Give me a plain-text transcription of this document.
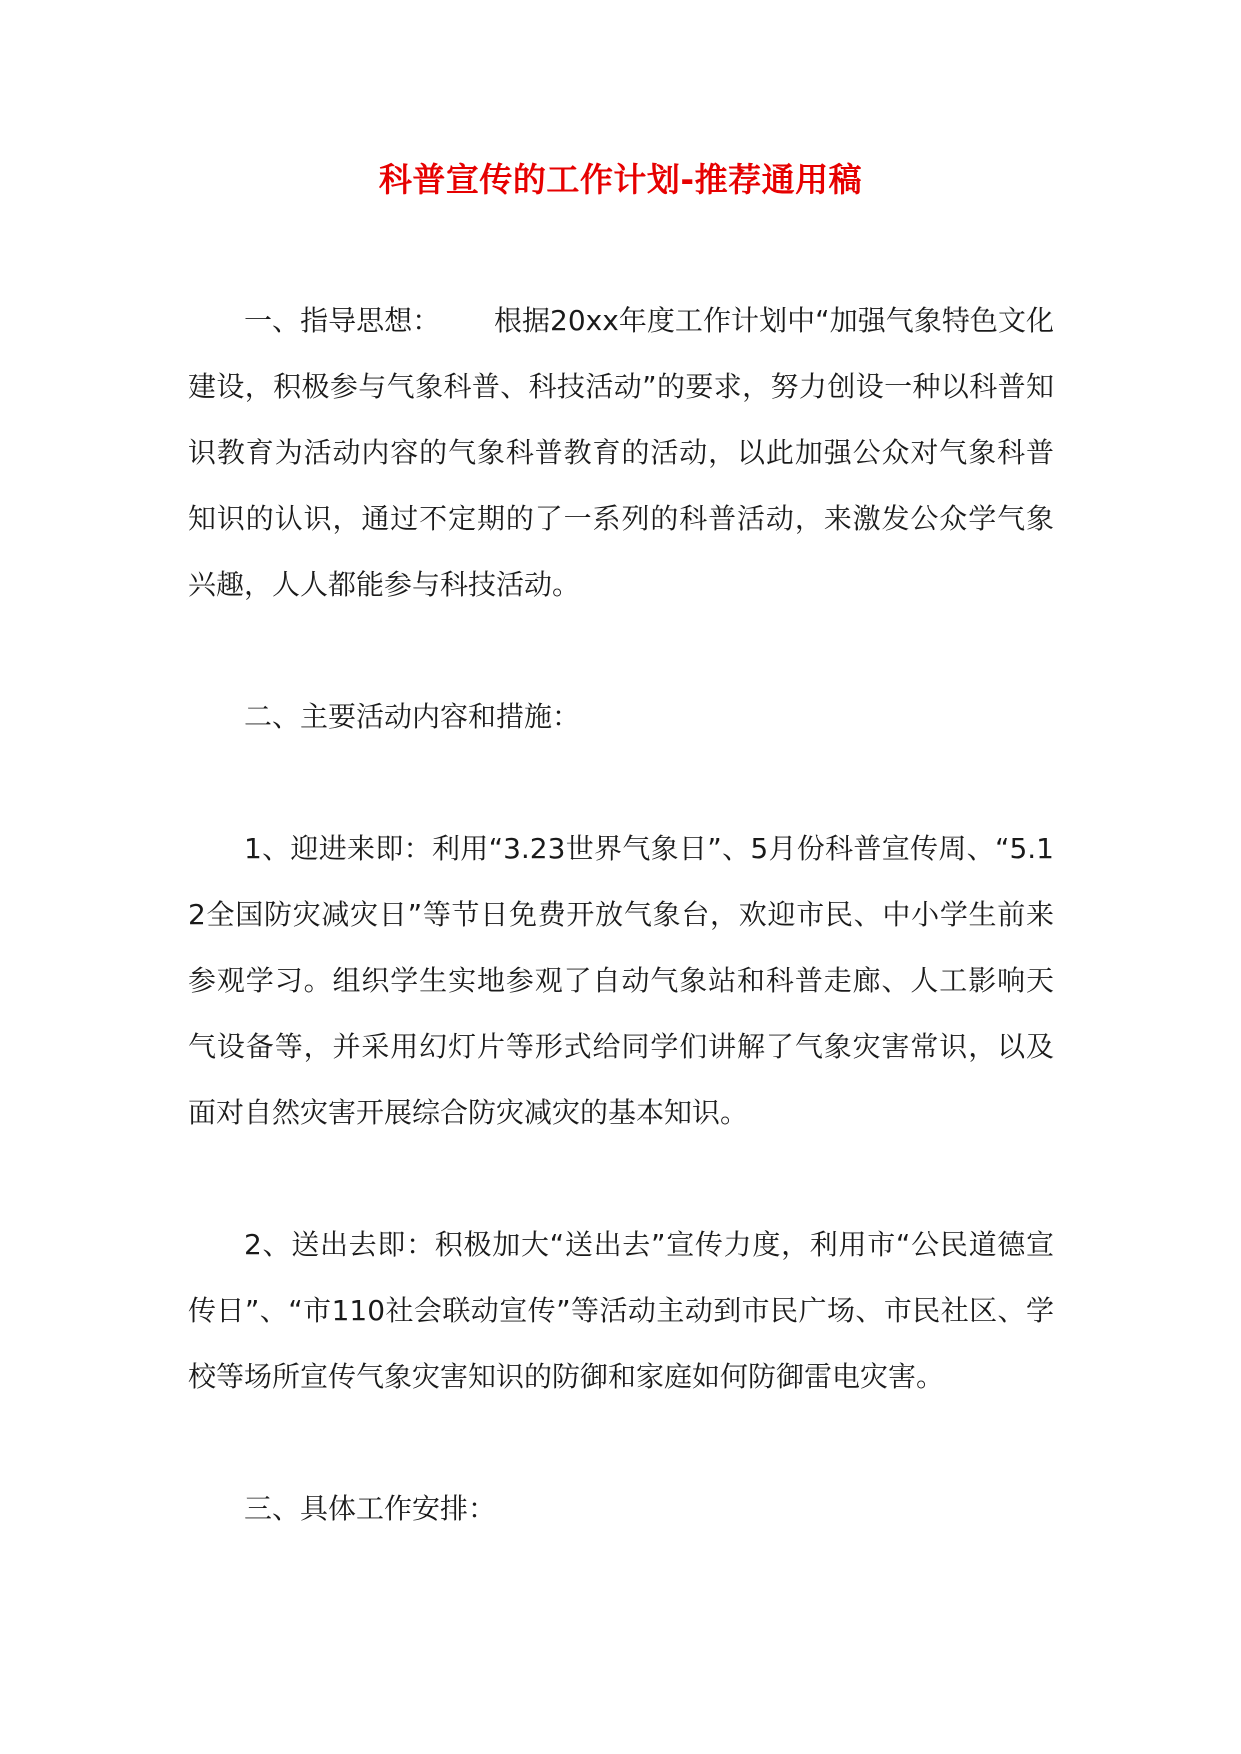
科普宣传的工作计划-推荐通用稿

一、指导思想：      根据20xx年度工作计划中“加强气象特色文化建设，积极参与气象科普、科技活动”的要求，努力创设一种以科普知识教育为活动内容的气象科普教育的活动，以此加强公众对气象科普知识的认识，通过不定期的了一系列的科普活动，来激发公众学气象兴趣，人人都能参与科技活动。

二、主要活动内容和措施：

1、迎进来即：利用“3.23世界气象日”、5月份科普宣传周、“5.12全国防灾减灾日”等节日免费开放气象台，欢迎市民、中小学生前来参观学习。组织学生实地参观了自动气象站和科普走廊、人工影响天气设备等，并采用幻灯片等形式给同学们讲解了气象灾害常识，以及面对自然灾害开展综合防灾减灾的基本知识。

2、送出去即：积极加大“送出去”宣传力度，利用市“公民道德宣传日”、“市110社会联动宣传”等活动主动到市民广场、市民社区、学校等场所宣传气象灾害知识的防御和家庭如何防御雷电灾害。

三、具体工作安排：
